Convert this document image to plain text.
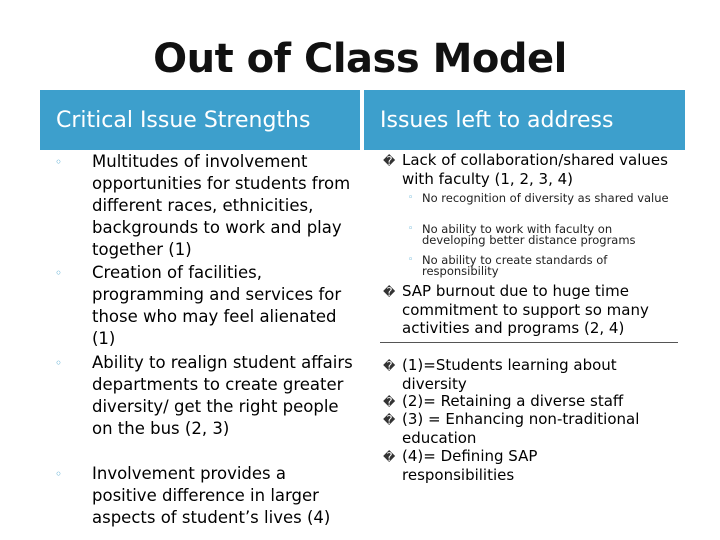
Out of Class Model
Critical Issue Strengths	Issues left to address
◦	Multitudes of involvement opportunities for students from different races, ethnicities, backgrounds to work and play together (1)
◦	Creation of facilities, programming and services for those who may feel alienated (1)
◦	Ability to realign student affairs departments to create greater diversity/ get the right people on the bus (2, 3)
◦	Involvement provides a positive difference in larger aspects of student’s lives (4)
� Lack of collaboration/shared values with faculty (1, 2, 3, 4)
◦ No recognition of diversity as shared value
◦ No ability to work with faculty on developing better distance programs
◦ No ability to create standards of responsibility
� SAP burnout due to huge time commitment to support so many activities and programs (2, 4)
� (1)=Students learning about diversity
� (2)= Retaining a diverse staff
� (3) = Enhancing non-traditional education
� (4)= Defining SAP responsibilities
